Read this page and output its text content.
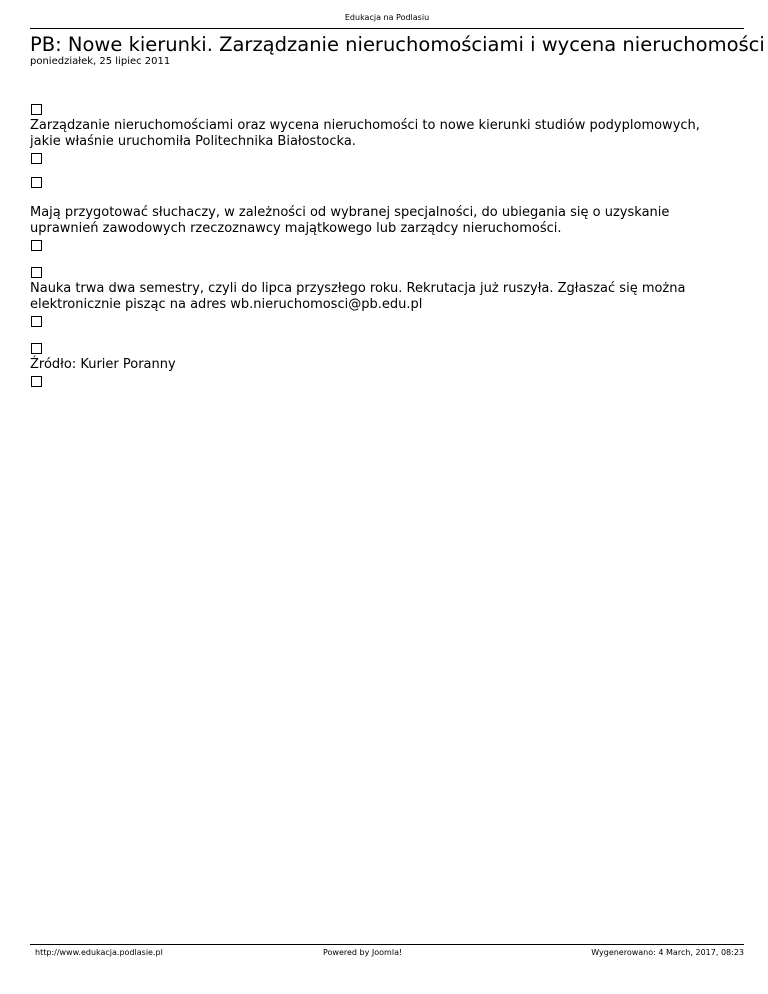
Edukacja na Podlasiu
PB: Nowe kierunki. Zarządzanie nieruchomościami i wycena nieruchomości
poniedziałek, 25 lipiec 2011
Zarządzanie nieruchomościami oraz wycena nieruchomości to nowe kierunki studiów podyplomowych, jakie właśnie uruchomiła Politechnika Białostocka.
Mają przygotować słuchaczy, w zależności od wybranej specjalności, do ubiegania się o uzyskanie uprawnień zawodowych rzeczoznawcy majątkowego lub zarządcy nieruchomości.
Nauka trwa dwa semestry, czyli do lipca przyszłego roku. Rekrutacja już ruszyła. Zgłaszać się można elektronicznie pisząc na adres wb.nieruchomosci@pb.edu.pl
Źródło: Kurier Poranny
http://www.edukacja.podlasie.pl	Powered by Joomla!	Wygenerowano: 4 March, 2017, 08:23
